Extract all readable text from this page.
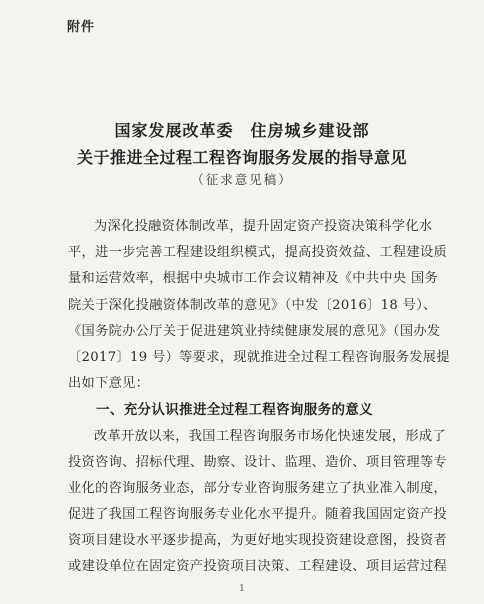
附件
国家发展改革委　住房城乡建设部
关于推进全过程工程咨询服务发展的指导意见
（征求意见稿）
为深化投融资体制改革，提升固定资产投资决策科学化水
平，进一步完善工程建设组织模式，提高投资效益、工程建设质
量和运营效率，根据中央城市工作会议精神及《中共中央 国务
院关于深化投融资体制改革的意见》（中发〔2016〕18 号）、
《国务院办公厅关于促进建筑业持续健康发展的意见》（国办发
〔2017〕19 号）等要求，现就推进全过程工程咨询服务发展提
出如下意见：
一、充分认识推进全过程工程咨询服务的意义
改革开放以来，我国工程咨询服务市场化快速发展，形成了
投资咨询、招标代理、勘察、设计、监理、造价、项目管理等专
业化的咨询服务业态，部分专业咨询服务建立了执业准入制度，
促进了我国工程咨询服务专业化水平提升。随着我国固定资产投
资项目建设水平逐步提高，为更好地实现投资建设意图，投资者
或建设单位在固定资产投资项目决策、工程建设、项目运营过程
1
